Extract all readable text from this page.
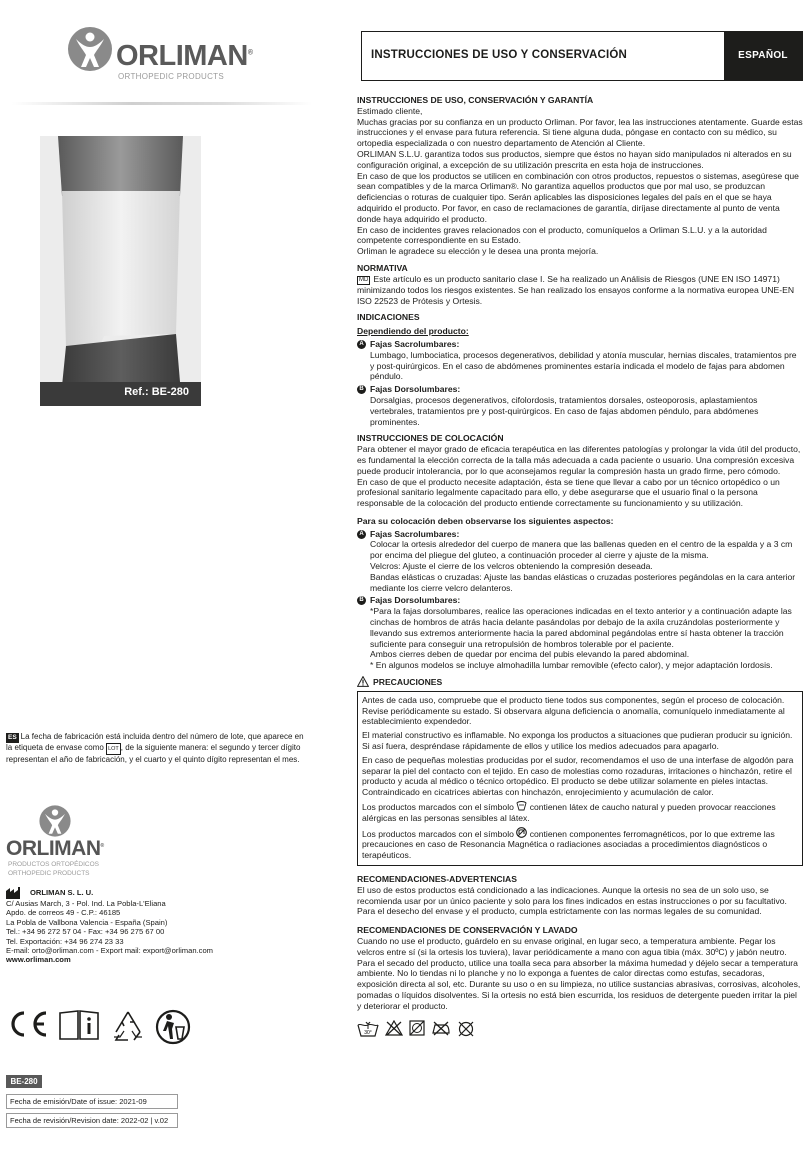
ORLIMAN®
ORTHOPEDIC PRODUCTS
Ref.: BE-280
ES La fecha de fabricación está incluida dentro del número de lote, que aparece en la etiqueta de envase como LOT , de la siguiente manera: el segundo y tercer dígito representan el año de fabricación, y el cuarto y el quinto dígito representan el mes.
ORLIMAN®
PRODUCTOS ORTOPÉDICOS
ORTHOPEDIC PRODUCTS
ORLIMAN S. L. U.
C/ Ausias March, 3 - Pol. Ind. La Pobla-L'Eliana
Apdo. de correos 49 - C.P.: 46185
La Pobla de Vallbona Valencia - España (Spain)
Tel.: +34 96 272 57 04 - Fax: +34 96 275 67 00
Tel. Exportación: +34 96 274 23 33
E-mail: orto@orliman.com - Export mail: export@orliman.com
www.orliman.com
BE-280
Fecha de emisión/Date of issue: 2021-09
Fecha de revisión/Revision date: 2022-02 | v.02
INSTRUCCIONES DE USO Y CONSERVACIÓN	ESPAÑOL
INSTRUCCIONES DE USO, CONSERVACIÓN Y GARANTÍA

Estimado cliente,

Muchas gracias por su confianza en un producto Orliman. Por favor, lea las instrucciones atentamente. Guarde estas instrucciones y el envase para futura referencia. Si tiene alguna duda, póngase en contacto con su médico, su ortopedia especializada o con nuestro departamento de Atención al Cliente.

ORLIMAN S.L.U. garantiza todos sus productos, siempre que éstos no hayan sido manipulados ni alterados en su configuración original, a excepción de su utilización prescrita en esta hoja de instrucciones.

En caso de que los productos se utilicen en combinación con otros productos, repuestos o sistemas, asegúrese que sean compatibles y de la marca Orliman®. No garantiza aquellos productos que por mal uso, se produzcan deficiencias o roturas de cualquier tipo. Serán aplicables las disposiciones legales del país en el que se haya adquirido el producto. Por favor, en caso de reclamaciones de garantía, diríjase directamente al punto de venta donde haya adquirido el producto.

En caso de incidentes graves relacionados con el producto, comuníquelos a Orliman S.L.U. y a la autoridad competente correspondiente en su Estado.

Orliman le agradece su elección y le desea una pronta mejoría.

NORMATIVA

MD Este artículo es un producto sanitario clase I. Se ha realizado un Análisis de Riesgos (UNE EN ISO 14971) minimizando todos los riesgos existentes. Se han realizado los ensayos conforme a la normativa europea UNE-EN ISO 22523 de Prótesis y Ortesis.

INDICACIONES
Dependiendo del producto:
A Fajas Sacrolumbares:

Lumbago, lumbociatica, procesos degenerativos, debilidad y atonía muscular, hernias discales, tratamientos pre y post-quirúrgicos. En el caso de abdómenes prominentes estaría indicada el modelo de fajas para abdomen péndulo.

B Fajas Dorsolumbares:

Dorsalgias, procesos degenerativos, cifolordosis, tratamientos dorsales, osteoporosis, aplastamientos vertebrales, tratamientos pre y post-quirúrgicos. En caso de fajas abdomen péndulo, para abdómenes prominentes.

INSTRUCCIONES DE COLOCACIÓN

Para obtener el mayor grado de eficacia terapéutica en las diferentes patologías y prolongar la vida útil del producto, es fundamental la elección correcta de la talla más adecuada a cada paciente o usuario. Una compresión excesiva puede producir intolerancia, por lo que aconsejamos regular la compresión hasta un grado firme, pero cómodo.

En caso de que el producto necesite adaptación, ésta se tiene que llevar a cabo por un técnico ortopédico o un profesional sanitario legalmente capacitado para ello, y debe asegurarse que el usuario final o la persona responsable de la colocación del producto entiende correctamente su funcionamiento y su utilización.

Para su colocación deben observarse los siguientes aspectos:
A Fajas Sacrolumbares:

Colocar la ortesis alrededor del cuerpo de manera que las ballenas queden en el centro de la espalda y a 3 cm por encima del pliegue del gluteo, a continuación proceder al cierre y ajuste de la misma.

Velcros: Ajuste el cierre de los velcros obteniendo la compresión deseada.

Bandas elásticas o cruzadas: Ajuste las bandas elásticas o cruzadas posteriores pegándolas en la cara anterior mediante los cierre velcro delanteros.

B Fajas Dorsolumbares:

*Para la fajas dorsolumbares, realice las operaciones indicadas en el texto anterior y a continuación adapte las cinchas de hombros de atrás hacia delante pasándolas por debajo de la axila cruzándolas posteriormente y llevando sus extremos anteriormente hacia la pared abdominal pegándolas entre sí hasta obtener la tracción suficiente para conseguir una retropulsión de hombros tolerable por el paciente.

Ambos cierres deben de quedar por encima del pubis elevando la pared abdominal.

* En algunos modelos se incluye almohadilla lumbar removible (efecto calor), y mejor adaptación lordosis.

PRECAUCIONES

Antes de cada uso, compruebe que el producto tiene todos sus componentes, según el proceso de colocación. Revise periódicamente su estado. Si observara alguna deficiencia o anomalía, comuníquelo inmediatamente al establecimiento expendedor.

El material constructivo es inflamable. No exponga los productos a situaciones que pudieran producir su ignición. Si así fuera, despréndase rápidamente de ellos y utilice los medios adecuados para apagarlo.

En caso de pequeñas molestias producidas por el sudor, recomendamos el uso de una interfase de algodón para separar la piel del contacto con el tejido. En caso de molestias como rozaduras, irritaciones o hinchazón, retire el producto y acuda al médico o técnico ortopédico. El producto se debe utilizar solamente en pieles intactas. Contraindicado en cicatrices abiertas con hinchazón, enrojecimiento y acumulación de calor.

Los productos marcados con el símbolo contienen látex de caucho natural y pueden provocar reacciones alérgicas en las personas sensibles al látex.

Los productos marcados con el símbolo contienen componentes ferromagnéticos, por lo que extreme las precauciones en caso de Resonancia Magnética o radiaciones asociadas a procedimientos diagnósticos o terapéuticos.

RECOMENDACIONES-ADVERTENCIAS

El uso de estos productos está condicionado a las indicaciones. Aunque la ortesis no sea de un solo uso, se recomienda usar por un único paciente y solo para los fines indicados en estas instrucciones o por su facultativo.

Para el desecho del envase y el producto, cumpla estrictamente con las normas legales de su comunidad.

RECOMENDACIONES DE CONSERVACIÓN Y LAVADO

Cuando no use el producto, guárdelo en su envase original, en lugar seco, a temperatura ambiente. Pegar los velcros entre sí (si la ortesis los tuviera), lavar periódicamente a mano con agua tibia (máx. 30ºC) y jabón neutro. Para el secado del producto, utilice una toalla seca para absorber la máxima humedad y déjelo secar a temperatura ambiente. No lo tiendas ni lo planche y no lo exponga a fuentes de calor directas como estufas, secadoras, exposición directa al sol, etc. Durante su uso o en su limpieza, no utilice sustancias abrasivas, corrosivas, alcoholes, pomadas o líquidos disolventes. Si la ortesis no está bien escurrida, los residuos de detergente pueden irritar la piel y deteriorar el producto.

30°
